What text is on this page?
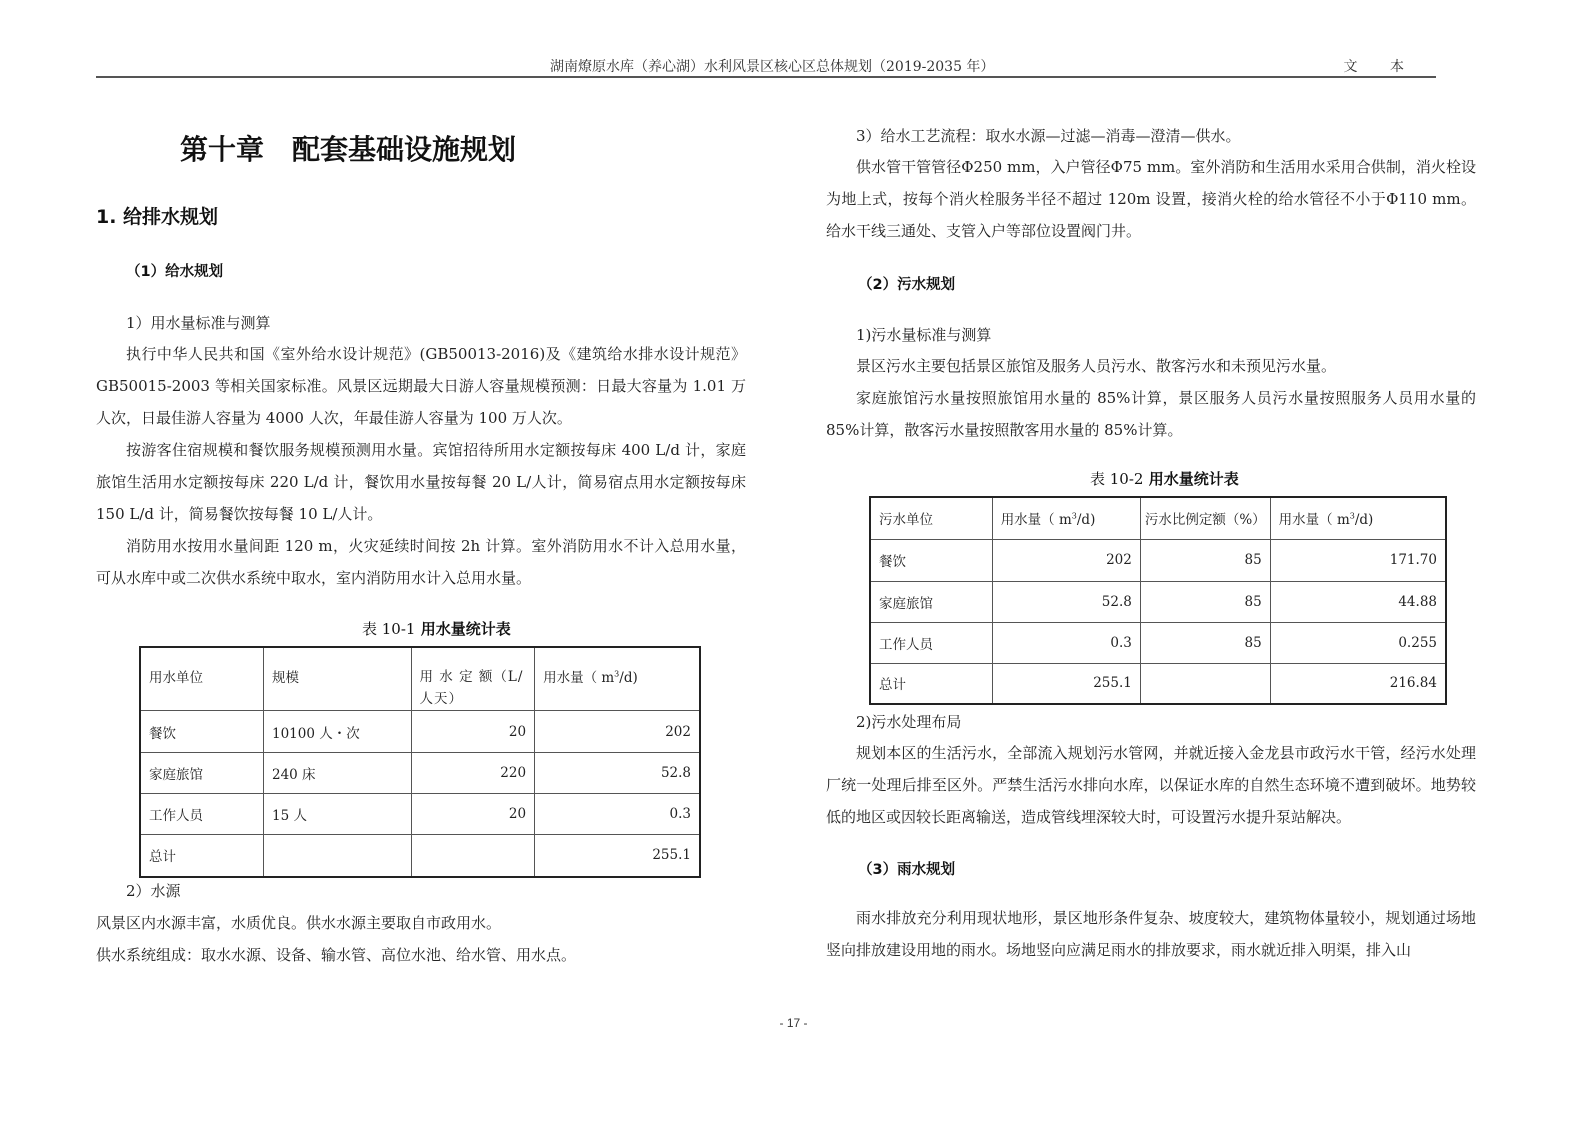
湖南燎原水库（养心湖）水利风景区核心区总体规划（2019-2035 年）	文 本
第十章 配套基础设施规划
1. 给排水规划
（1）给水规划
1）用水量标准与测算
执行中华人民共和国《室外给水设计规范》(GB50013-2016)及《建筑给水排水设计规范》GB50015-2003 等相关国家标准。风景区远期最大日游人容量规模预测：日最大容量为 1.01 万人次，日最佳游人容量为 4000 人次，年最佳游人容量为 100 万人次。
按游客住宿规模和餐饮服务规模预测用水量。宾馆招待所用水定额按每床 400 L/d 计，家庭旅馆生活用水定额按每床 220 L/d 计，餐饮用水量按每餐 20 L/人计，简易宿点用水定额按每床 150 L/d 计，简易餐饮按每餐 10 L/人计。
消防用水按用水量间距 120 m，火灾延续时间按 2h 计算。室外消防用水不计入总用水量，可从水库中或二次供水系统中取水，室内消防用水计入总用水量。
表 10-1 用水量统计表
用水单位	规模	用 水 定 额（L/人天）	用水量（ $m^3/d$)
餐饮	10100 人・次	20	202
家庭旅馆	240 床	220	52.8
工作人员	15 人	20	0.3
总计			255.1
2）水源
风景区内水源丰富，水质优良。供水水源主要取自市政用水。
供水系统组成：取水水源、设备、输水管、高位水池、给水管、用水点。
3）给水工艺流程：取水水源—过滤—消毒—澄清—供水。
供水管干管管径Φ250 mm，入户管径Φ75 mm。室外消防和生活用水采用合供制，消火栓设为地上式，按每个消火栓服务半径不超过 120m 设置，接消火栓的给水管径不小于Φ110 mm。给水干线三通处、支管入户等部位设置阀门井。
（2）污水规划
1)污水量标准与测算
景区污水主要包括景区旅馆及服务人员污水、散客污水和未预见污水量。
家庭旅馆污水量按照旅馆用水量的 85%计算，景区服务人员污水量按照服务人员用水量的 85%计算，散客污水量按照散客用水量的 85%计算。
表 10-2 用水量统计表
污水单位	用水量（ $m^3/d$)	污水比例定额（%）	用水量（ $m^3/d$)
餐饮	202	85	171.70
家庭旅馆	52.8	85	44.88
工作人员	0.3	85	0.255
总计	255.1		216.84
2)污水处理布局
规划本区的生活污水，全部流入规划污水管网，并就近接入金龙县市政污水干管，经污水处理厂统一处理后排至区外。严禁生活污水排向水库，以保证水库的自然生态环境不遭到破坏。地势较低的地区或因较长距离输送，造成管线埋深较大时，可设置污水提升泵站解决。
（3）雨水规划
雨水排放充分利用现状地形，景区地形条件复杂、坡度较大，建筑物体量较小，规划通过场地竖向排放建设用地的雨水。场地竖向应满足雨水的排放要求，雨水就近排入明渠，排入山
- 17 -
